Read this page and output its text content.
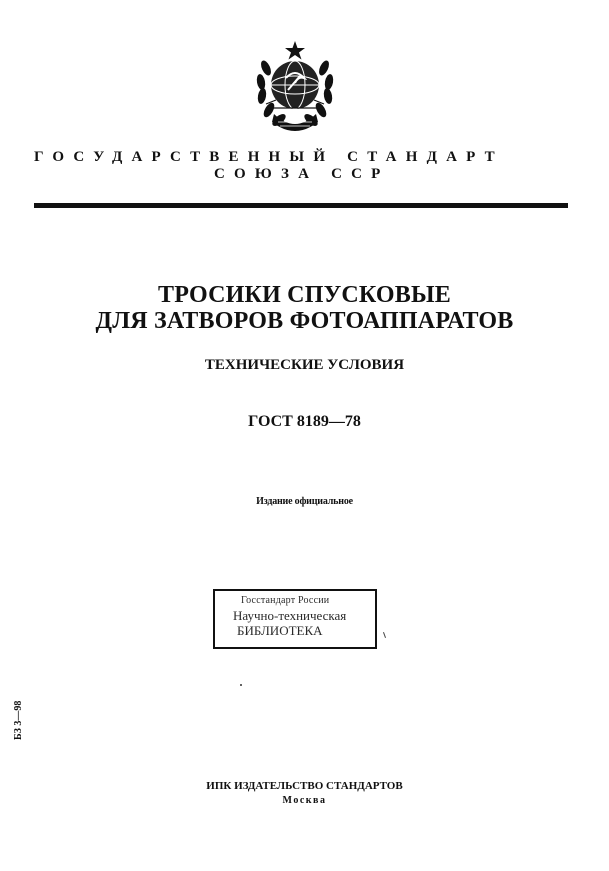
ГОСУДАРСТВЕННЫЙ СТАНДАРТ
СОЮЗА ССР
ТРОСИКИ СПУСКОВЫЕ
ДЛЯ ЗАТВОРОВ ФОТОАППАРАТОВ
ТЕХНИЧЕСКИЕ УСЛОВИЯ
ГОСТ 8189—78
Издание официальное
Госстандарт России
Научно-техническая
БИБЛИОТЕКА
БЗ 3—98
ИПК ИЗДАТЕЛЬСТВО СТАНДАРТОВ
Москва
